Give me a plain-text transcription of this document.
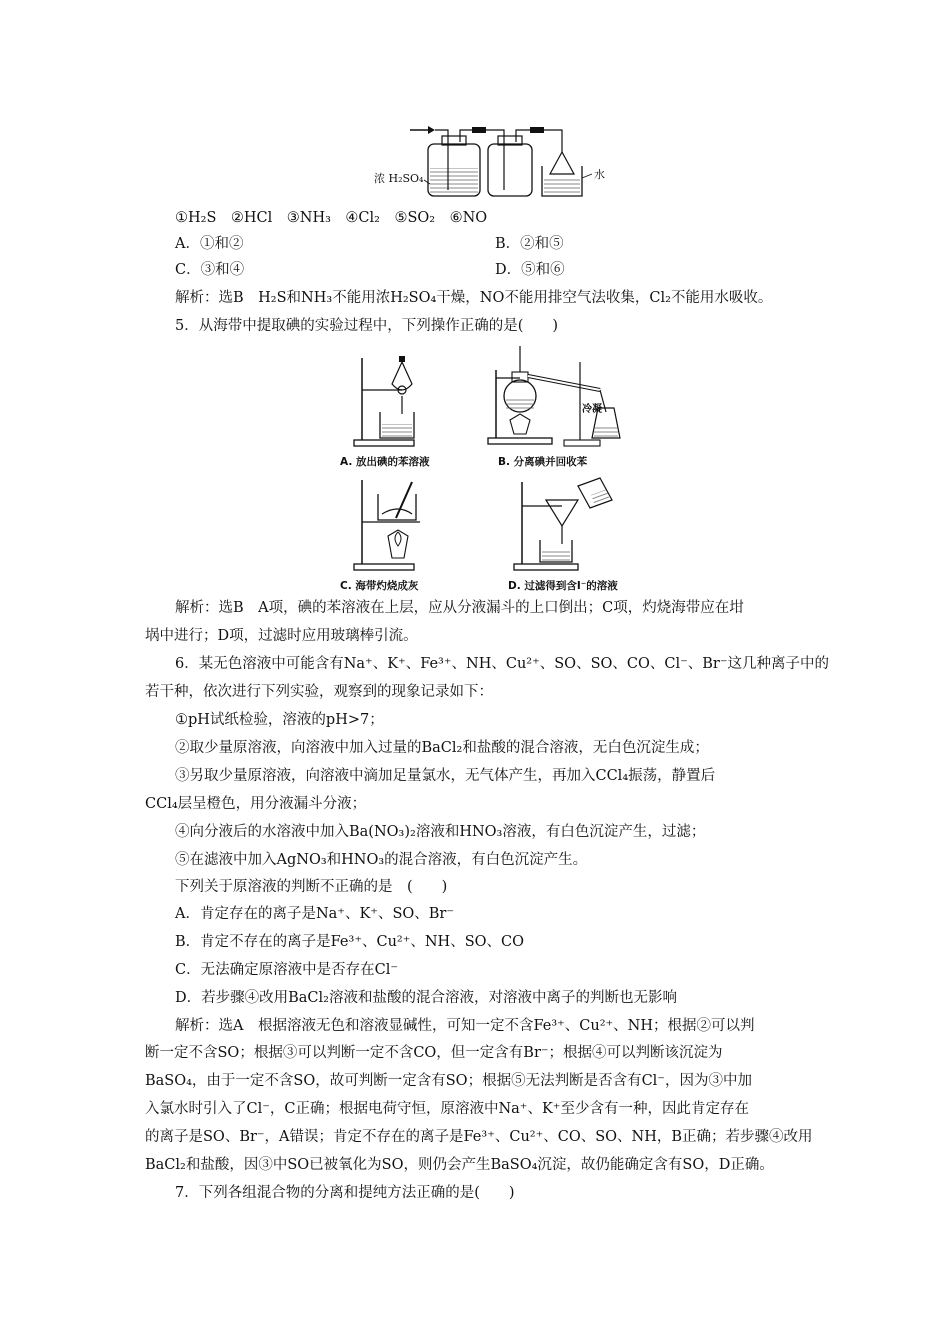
浓 H₂SO₄	水
①H₂S　②HCl　③NH₃　④Cl₂　⑤SO₂　⑥NO
A．①和②	B．②和⑤
C．③和④	D．⑤和⑥
解析：选B　H₂S和NH₃不能用浓H₂SO₄干燥，NO不能用排空气法收集，Cl₂不能用水吸收。
5．从海带中提取碘的实验过程中，下列操作正确的是(　　)
A. 放出碘的苯溶液
冷凝
B. 分离碘并回收苯
C. 海带灼烧成灰	D. 过滤得到含I⁻的溶液
解析：选B　A项，碘的苯溶液在上层，应从分液漏斗的上口倒出；C项，灼烧海带应在坩
埚中进行；D项，过滤时应用玻璃棒引流。
6．某无色溶液中可能含有Na⁺、K⁺、Fe³⁺、NH、Cu²⁺、SO、SO、CO、Cl⁻、Br⁻这几种离子中的
若干种，依次进行下列实验，观察到的现象记录如下：
①pH试纸检验，溶液的pH>7；
②取少量原溶液，向溶液中加入过量的BaCl₂和盐酸的混合溶液，无白色沉淀生成；
③另取少量原溶液，向溶液中滴加足量氯水，无气体产生，再加入CCl₄振荡，静置后
CCl₄层呈橙色，用分液漏斗分液；
④向分液后的水溶液中加入Ba(NO₃)₂溶液和HNO₃溶液，有白色沉淀产生，过滤；
⑤在滤液中加入AgNO₃和HNO₃的混合溶液，有白色沉淀产生。
下列关于原溶液的判断不正确的是　(　　)
A．肯定存在的离子是Na⁺、K⁺、SO、Br⁻
B．肯定不存在的离子是Fe³⁺、Cu²⁺、NH、SO、CO
C．无法确定原溶液中是否存在Cl⁻
D．若步骤④改用BaCl₂溶液和盐酸的混合溶液，对溶液中离子的判断也无影响
解析：选A　根据溶液无色和溶液显碱性，可知一定不含Fe³⁺、Cu²⁺、NH；根据②可以判
断一定不含SO；根据③可以判断一定不含CO，但一定含有Br⁻；根据④可以判断该沉淀为
BaSO₄，由于一定不含SO，故可判断一定含有SO；根据⑤无法判断是否含有Cl⁻，因为③中加
入氯水时引入了Cl⁻，C正确；根据电荷守恒，原溶液中Na⁺、K⁺至少含有一种，因此肯定存在
的离子是SO、Br⁻，A错误；肯定不存在的离子是Fe³⁺、Cu²⁺、CO、SO、NH，B正确；若步骤④改用
BaCl₂和盐酸，因③中SO已被氧化为SO，则仍会产生BaSO₄沉淀，故仍能确定含有SO，D正确。
7．下列各组混合物的分离和提纯方法正确的是(　　)
